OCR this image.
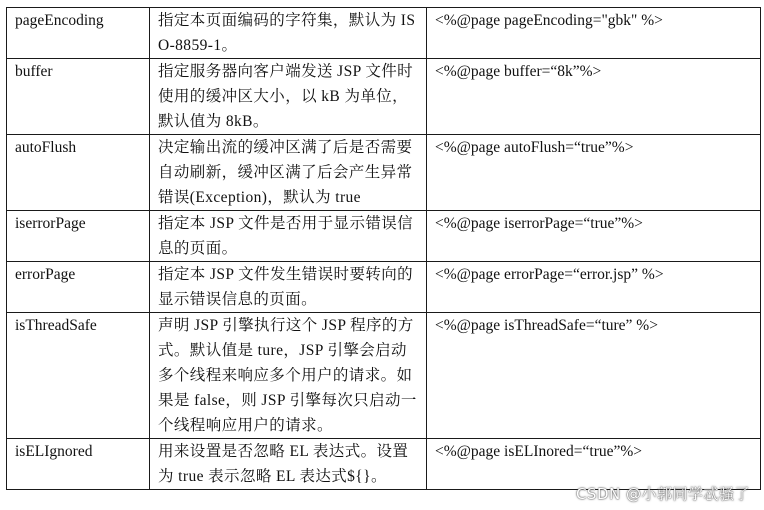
pageEncoding	指定本页面编码的字符集，默认为 ISO-8859-1。	<%@page pageEncoding="gbk" %>
buffer	指定服务器向客户端发送 JSP 文件时使用的缓冲区大小，以 kB 为单位，默认值为 8kB。	<%@page buffer=“8k”%>
autoFlush	决定输出流的缓冲区满了后是否需要自动刷新，缓冲区满了后会产生异常错误(Exception)，默认为 true	<%@page autoFlush=“true”%>
iserrorPage	指定本 JSP 文件是否用于显示错误信息的页面。	<%@page iserrorPage=“true”%>
errorPage	指定本 JSP 文件发生错误时要转向的显示错误信息的页面。	<%@page errorPage=“error.jsp” %>
isThreadSafe	声明 JSP 引擎执行这个 JSP 程序的方式。默认值是 ture，JSP 引擎会启动多个线程来响应多个用户的请求。如果是 false，则 JSP 引擎每次只启动一个线程响应用户的请求。	<%@page isThreadSafe=“ture” %>
isELIgnored	用来设置是否忽略 EL 表达式。设置为 true 表示忽略 EL 表达式${}。	<%@page isELInored=“true”%>
CSDN @小郭同学忒骚了
